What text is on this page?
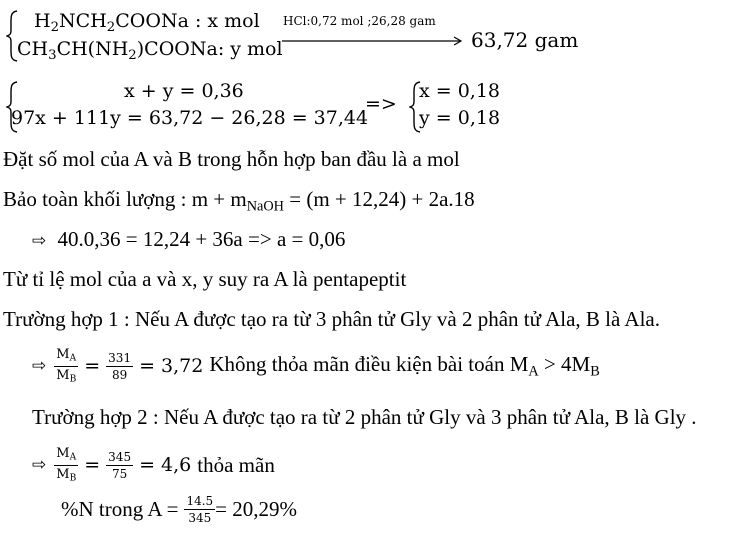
$H_2NCH_2COONa$ : x mol
$CH_3CH(NH_2)COONa$: y mol
HCl:0,72 mol ;26,28 gam
63,72 gam
x + y = 0,36
97x + 111y = 63,72 − 26,28 = 37,44
=>
x = 0,18
y = 0,18
Đặt số mol của A và B trong hỗn hợp ban đầu là a mol
Bảo toàn khối lượng : $m + m_{NaOH} = (m + 12,24) + 2a.18$
⇨ 40.0,36 = 12,24 + 36a => a = 0,06
Từ tỉ lệ mol của a và x, y suy ra A là pentapeptit
Trường hợp 1 : Nếu A được tạo ra từ 3 phân tử Gly và 2 phân tử Ala, B là Ala.
⇨ $\frac{M_A}{M_B} = \frac{331}{89} = 3,72$ Không thỏa mãn điều kiện bài toán $M_A > 4M_B$
Trường hợp 2 : Nếu A được tạo ra từ 2 phân tử Gly và 3 phân tử Ala, B là Gly .
⇨ $\frac{M_A}{M_B} = \frac{345}{75} = 4,6$ thỏa mãn
%N trong $A = \frac{14.5}{345} = 20,29\%$
